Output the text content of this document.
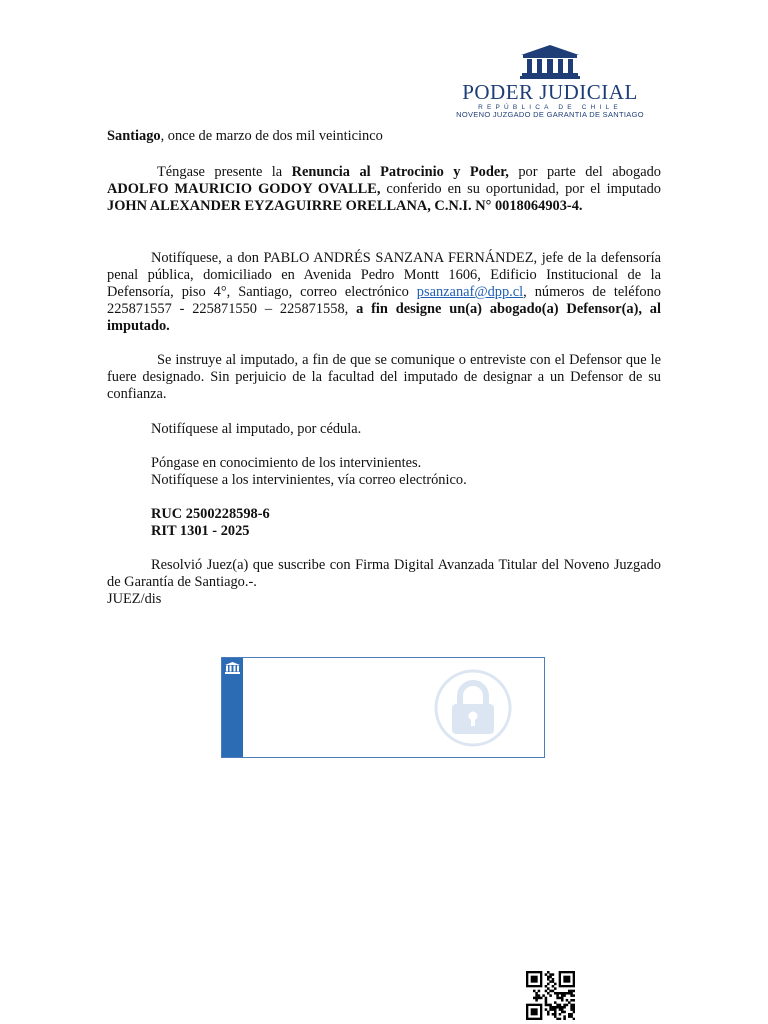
PODER JUDICIAL
REPÚBLICA DE CHILE
NOVENO JUZGADO DE GARANTIA DE SANTIAGO
Santiago, once de marzo de dos mil veinticinco
Téngase presente la Renuncia al Patrocinio y Poder, por parte del abogado ADOLFO MAURICIO GODOY OVALLE, conferido en su oportunidad, por el imputado JOHN ALEXANDER EYZAGUIRRE ORELLANA, C.N.I. N° 0018064903-4.
Notifíquese, a don PABLO ANDRÉS SANZANA FERNÁNDEZ, jefe de la defensoría penal pública, domiciliado en Avenida Pedro Montt 1606, Edificio Institucional de la Defensoría, piso 4°, Santiago, correo electrónico psanzanaf@dpp.cl, números de teléfono 225871557 - 225871550 – 225871558, a fin designe un(a) abogado(a) Defensor(a), al imputado.
Se instruye al imputado, a fin de que se comunique o entreviste con el Defensor que le fuere designado. Sin perjuicio de la facultad del imputado de designar a un Defensor de su confianza.
Notifíquese al imputado, por cédula.
Póngase en conocimiento de los intervinientes.
Notifíquese a los intervinientes, vía correo electrónico.
RUC 2500228598-6
RIT 1301 - 2025
Resolvió Juez(a) que suscribe con Firma Digital Avanzada Titular del Noveno Juzgado de Garantía de Santiago.-.
JUEZ/dis
